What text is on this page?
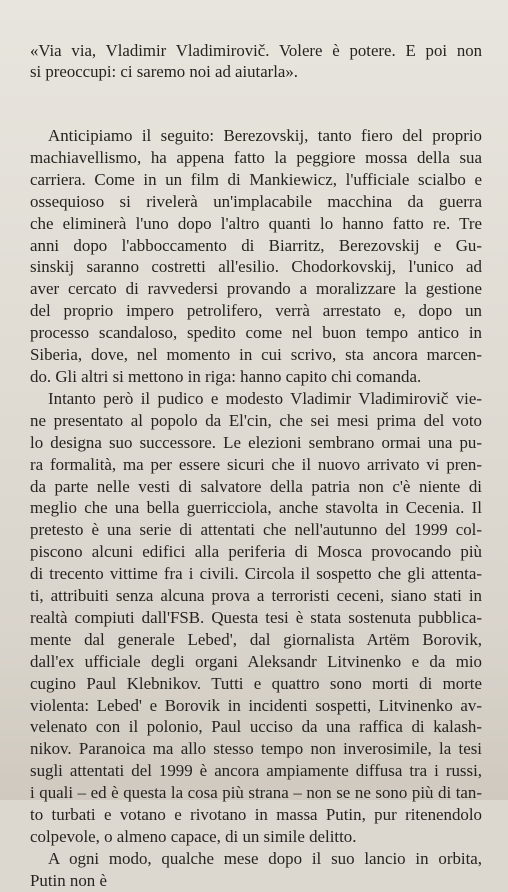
«Via via, Vladimir Vladimirovič. Volere è potere. E poi non
si preoccupi: ci saremo noi ad aiutarla».
Anticipiamo il seguito: Berezovskij, tanto fiero del proprio
machiavellismo, ha appena fatto la peggiore mossa della sua
carriera. Come in un film di Mankiewicz, l'ufficiale scialbo e
ossequioso si rivelerà un'implacabile macchina da guerra
che eliminerà l'uno dopo l'altro quanti lo hanno fatto re. Tre
anni dopo l'abboccamento di Biarritz, Berezovskij e Gu-
sinskij saranno costretti all'esilio. Chodorkovskij, l'unico ad
aver cercato di ravvedersi provando a moralizzare la gestione
del proprio impero petrolifero, verrà arrestato e, dopo un
processo scandaloso, spedito come nel buon tempo antico in
Siberia, dove, nel momento in cui scrivo, sta ancora marcen-
do. Gli altri si mettono in riga: hanno capito chi comanda.
Intanto però il pudico e modesto Vladimir Vladimirovič vie-
ne presentato al popolo da El'cin, che sei mesi prima del voto
lo designa suo successore. Le elezioni sembrano ormai una pu-
ra formalità, ma per essere sicuri che il nuovo arrivato vi pren-
da parte nelle vesti di salvatore della patria non c'è niente di
meglio che una bella guerricciola, anche stavolta in Cecenia. Il
pretesto è una serie di attentati che nell'autunno del 1999 col-
piscono alcuni edifici alla periferia di Mosca provocando più
di trecento vittime fra i civili. Circola il sospetto che gli attenta-
ti, attribuiti senza alcuna prova a terroristi ceceni, siano stati in
realtà compiuti dall'FSB. Questa tesi è stata sostenuta pubblica-
mente dal generale Lebed', dal giornalista Artëm Borovik,
dall'ex ufficiale degli organi Aleksandr Litvinenko e da mio
cugino Paul Klebnikov. Tutti e quattro sono morti di morte
violenta: Lebed' e Borovik in incidenti sospetti, Litvinenko av-
velenato con il polonio, Paul ucciso da una raffica di kalash-
nikov. Paranoica ma allo stesso tempo non inverosimile, la tesi
sugli attentati del 1999 è ancora ampiamente diffusa tra i russi,
i quali – ed è questa la cosa più strana – non se ne sono più di tan-
to turbati e votano e rivotano in massa Putin, pur ritenendolo
colpevole, o almeno capace, di un simile delitto.
A ogni modo, qualche mese dopo il suo lancio in orbita,
Putin non è
